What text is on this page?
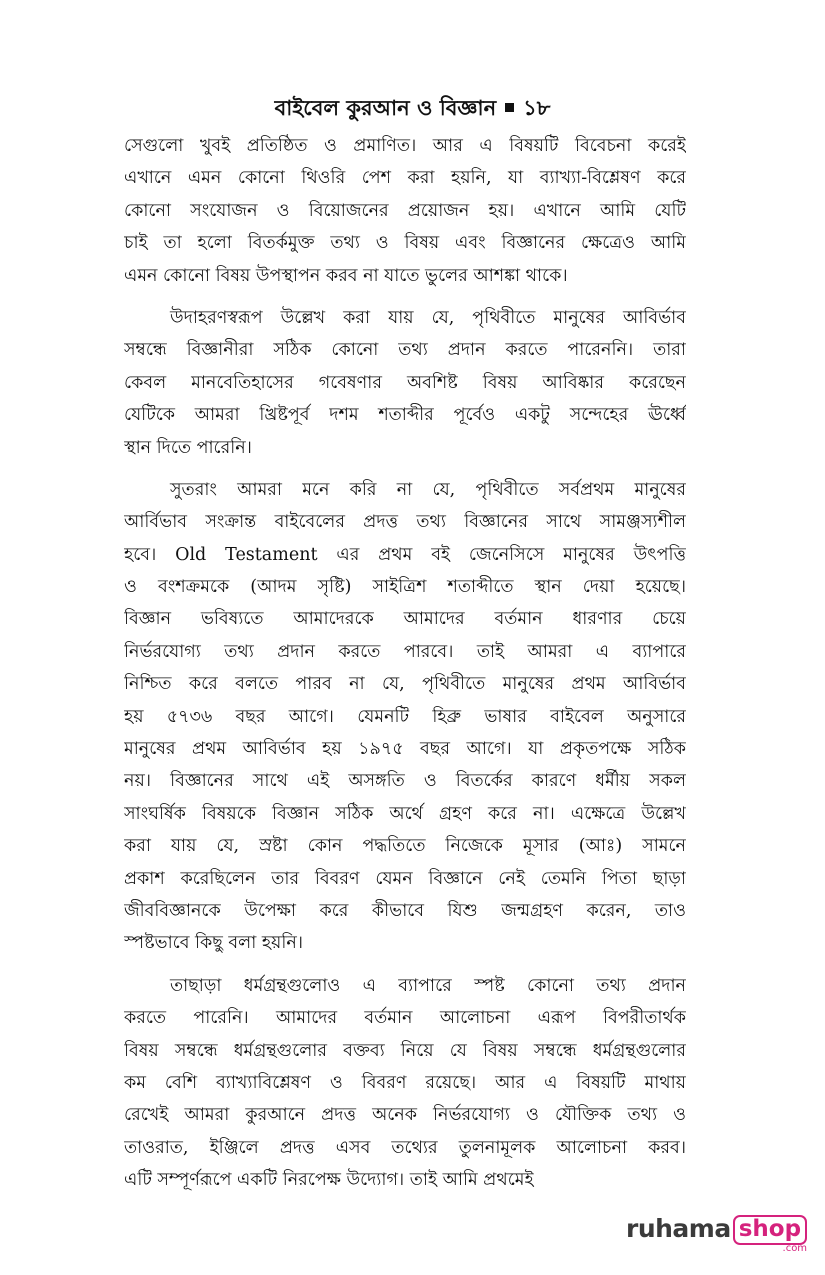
বাইবেল কুরআন ও বিজ্ঞান ১৮
সেগুলো খুবই প্রতিষ্ঠিত ও প্রমাণিত। আর এ বিষয়টি বিবেচনা করেই
এখানে এমন কোনো থিওরি পেশ করা হয়নি, যা ব্যাখ্যা-বিশ্লেষণ করে
কোনো সংযোজন ও বিয়োজনের প্রয়োজন হয়। এখানে আমি যেটি
চাই তা হলো বিতর্কমুক্ত তথ্য ও বিষয় এবং বিজ্ঞানের ক্ষেত্রেও আমি
এমন কোনো বিষয় উপস্থাপন করব না যাতে ভুলের আশঙ্কা থাকে।
উদাহরণস্বরূপ উল্লেখ করা যায় যে, পৃথিবীতে মানুষের আবির্ভাব
সম্বন্ধে বিজ্ঞানীরা সঠিক কোনো তথ্য প্রদান করতে পারেননি। তারা
কেবল মানবেতিহাসের গবেষণার অবশিষ্ট বিষয় আবিষ্কার করেছেন
যেটিকে আমরা খ্রিষ্টপূর্ব দশম শতাব্দীর পূর্বেও একটু সন্দেহের ঊর্ধ্বে
স্থান দিতে পারেনি।
সুতরাং আমরা মনে করি না যে, পৃথিবীতে সর্বপ্রথম মানুষের
আর্বিভাব সংক্রান্ত বাইবেলের প্রদত্ত তথ্য বিজ্ঞানের সাথে সামঞ্জস্যশীল
হবে। Old Testament এর প্রথম বই জেনেসিসে মানুষের উৎপত্তি
ও বংশক্রমকে (আদম সৃষ্টি) সাইত্রিশ শতাব্দীতে স্থান দেয়া হয়েছে।
বিজ্ঞান ভবিষ্যতে আমাদেরকে আমাদের বর্তমান ধারণার চেয়ে
নির্ভরযোগ্য তথ্য প্রদান করতে পারবে। তাই আমরা এ ব্যাপারে
নিশ্চিত করে বলতে পারব না যে, পৃথিবীতে মানুষের প্রথম আবির্ভাব
হয় ৫৭৩৬ বছর আগে। যেমনটি হিব্রু ভাষার বাইবেল অনুসারে
মানুষের প্রথম আবির্ভাব হয় ১৯৭৫ বছর আগে। যা প্রকৃতপক্ষে সঠিক
নয়। বিজ্ঞানের সাথে এই অসঙ্গতি ও বিতর্কের কারণে ধর্মীয় সকল
সাংঘর্ষিক বিষয়কে বিজ্ঞান সঠিক অর্থে গ্রহণ করে না। এক্ষেত্রে উল্লেখ
করা যায় যে, স্রষ্টা কোন পদ্ধতিতে নিজেকে মূসার (আঃ) সামনে
প্রকাশ করেছিলেন তার বিবরণ যেমন বিজ্ঞানে নেই তেমনি পিতা ছাড়া
জীববিজ্ঞানকে উপেক্ষা করে কীভাবে যিশু জন্মগ্রহণ করেন, তাও
স্পষ্টভাবে কিছু বলা হয়নি।
তাছাড়া ধর্মগ্রন্থগুলোও এ ব্যাপারে স্পষ্ট কোনো তথ্য প্রদান
করতে পারেনি। আমাদের বর্তমান আলোচনা এরূপ বিপরীতার্থক
বিষয় সম্বন্ধে ধর্মগ্রন্থগুলোর বক্তব্য নিয়ে যে বিষয় সম্বন্ধে ধর্মগ্রন্থগুলোর
কম বেশি ব্যাখ্যাবিশ্লেষণ ও বিবরণ রয়েছে। আর এ বিষয়টি মাথায়
রেখেই আমরা কুরআনে প্রদত্ত অনেক নির্ভরযোগ্য ও যৌক্তিক তথ্য ও
তাওরাত, ইঞ্জিলে প্রদত্ত এসব তথ্যের তুলনামূলক আলোচনা করব।
এটি সম্পূর্ণরূপে একটি নিরপেক্ষ উদ্যোগ। তাই আমি প্রথমেই
ruhama shop
.com
